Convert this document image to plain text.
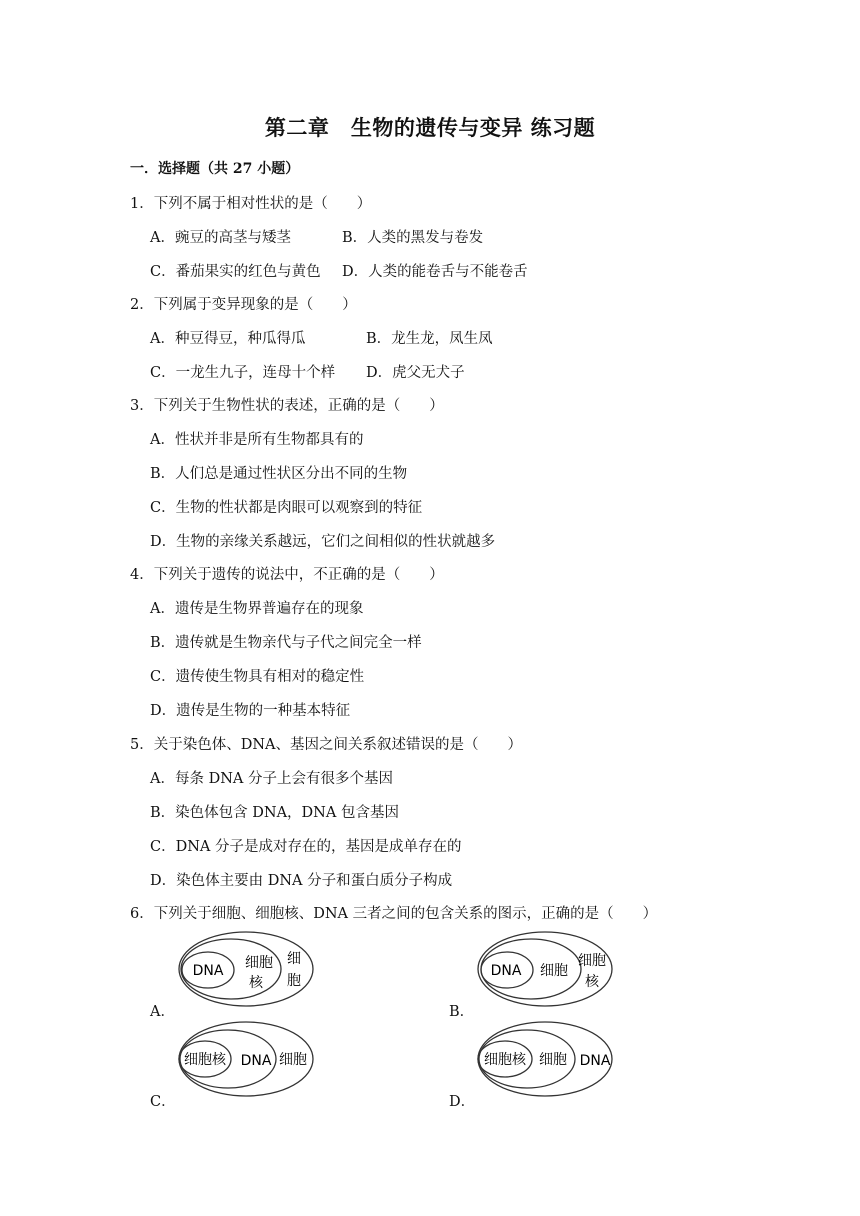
第二章　生物的遗传与变异 练习题
一．选择题（共 27 小题）
1．下列不属于相对性状的是（　　）
A．豌豆的高茎与矮茎	B．人类的黑发与卷发
C．番茄果实的红色与黄色 D．人类的能卷舌与不能卷舌
2．下列属于变异现象的是（　　）
A．种豆得豆，种瓜得瓜	B．龙生龙，凤生凤
C．一龙生九子，连母十个样 D．虎父无犬子
3．下列关于生物性状的表述，正确的是（　　）
A．性状并非是所有生物都具有的
B．人们总是通过性状区分出不同的生物
C．生物的性状都是肉眼可以观察到的特征
D．生物的亲缘关系越远，它们之间相似的性状就越多
4．下列关于遗传的说法中，不正确的是（　　）
A．遗传是生物界普遍存在的现象
B．遗传就是生物亲代与子代之间完全一样
C．遗传使生物具有相对的稳定性
D．遗传是生物的一种基本特征
5．关于染色体、DNA、基因之间关系叙述错误的是（　　）
A．每条 DNA 分子上会有很多个基因
B．染色体包含 DNA，DNA 包含基因
C．DNA 分子是成对存在的，基因是成单存在的
D．染色体主要由 DNA 分子和蛋白质分子构成
6．下列关于细胞、细胞核、DNA 三者之间的包含关系的图示，正确的是（　　）
A．	B．
C．	D．
DNA 细胞
核
细
胞
DNA 细胞
细胞
核
细胞核 DNA 细胞	细胞核 细胞 DNA
